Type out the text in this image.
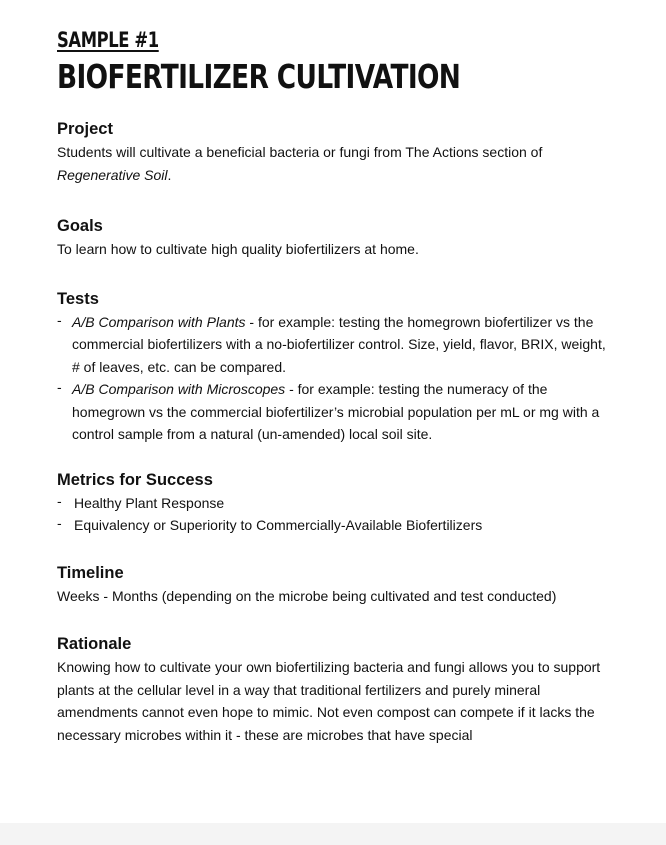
SAMPLE #1
BIOFERTILIZER CULTIVATION
Project

Students will cultivate a beneficial bacteria or fungi from The Actions section of Regenerative Soil.

Goals

To learn how to cultivate high quality biofertilizers at home.

Tests
- A/B Comparison with Plants - for example: testing the homegrown biofertilizer vs the commercial biofertilizers with a no-biofertilizer control. Size, yield, flavor, BRIX, weight, # of leaves, etc. can be compared.
- A/B Comparison with Microscopes - for example: testing the numeracy of the homegrown vs the commercial biofertilizer’s microbial population per mL or mg with a control sample from a natural (un-amended) local soil site.
Metrics for Success
- Healthy Plant Response
- Equivalency or Superiority to Commercially-Available Biofertilizers
Timeline

Weeks - Months (depending on the microbe being cultivated and test conducted)

Rationale

Knowing how to cultivate your own biofertilizing bacteria and fungi allows you to support plants at the cellular level in a way that traditional fertilizers and purely mineral amendments cannot even hope to mimic. Not even compost can compete if it lacks the necessary microbes within it - these are microbes that have special
